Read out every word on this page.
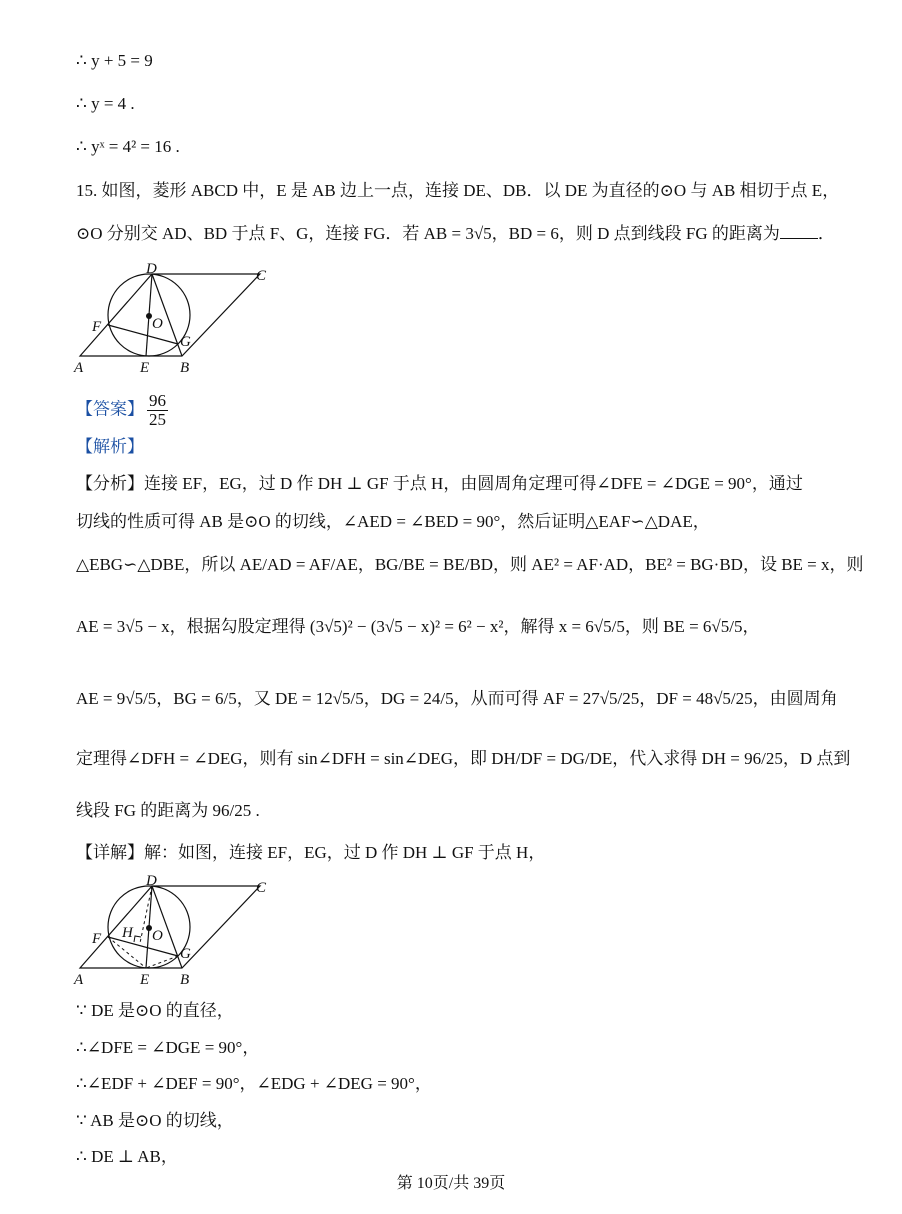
∴ y + 5 = 9
∴ y = 4 .
∴ yˣ = 4² = 16 .
15. 如图，菱形 ABCD 中，E 是 AB 边上一点，连接 DE、DB．以 DE 为直径的⊙O 与 AB 相切于点 E，
⊙O 分别交 AD、BD 于点 F、G，连接 FG．若 AB = 3√5，BD = 6，则 D 点到线段 FG 的距离为 ．
D	C
F	O
G
A	E B
【答案】 $\frac{96}{25}$
【解析】
【分析】连接 EF，EG，过 D 作 DH ⊥ GF 于点 H，由圆周角定理可得∠DFE = ∠DGE = 90°，通过
切线的性质可得 AB 是⊙O 的切线，∠AED = ∠BED = 90°，然后证明△EAF∽△DAE，
△EBG∽△DBE，所以 AE/AD = AF/AE，BG/BE = BE/BD，则 AE² = AF·AD，BE² = BG·BD，设 BE = x，则
AE = 3√5 − x，根据勾股定理得 (3√5)² − (3√5 − x)² = 6² − x²，解得 x = 6√5/5，则 BE = 6√5/5，
AE = 9√5/5，BG = 6/5，又 DE = 12√5/5，DG = 24/5，从而可得 AF = 27√5/25，DF = 48√5/25，由圆周角
定理得∠DFH = ∠DEG，则有 sin∠DFH = sin∠DEG，即 DH/DF = DG/DE，代入求得 DH = 96/25，D 点到
线段 FG 的距离为 96/25 .
【详解】解：如图，连接 EF，EG，过 D 作 DH ⊥ GF 于点 H，
D	C
F H O
G
A	E B
∵ DE 是⊙O 的直径，
∴∠DFE = ∠DGE = 90°，
∴∠EDF + ∠DEF = 90°，∠EDG + ∠DEG = 90°，
∵ AB 是⊙O 的切线，
∴ DE ⊥ AB，
第 10页/共 39页
